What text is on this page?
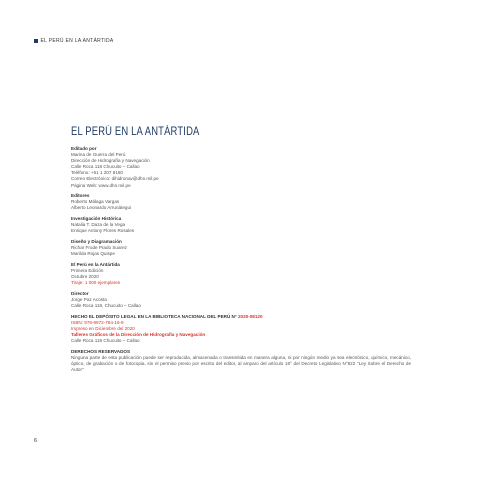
EL PERÚ EN LA ANTÁRTIDA
EL PERÚ EN LA ANTÁRTIDA
Editado por
Marina de Guerra del Perú
Dirección de Hidrografía y Navegación
Calle Roca 118 Chucuito – Callao
Teléfono: +51 1 207 8160
Correo Electrónico: dihidronav@dhn.mil.pe
Página Web: www.dhn.mil.pe
Editores
Roberto Málaga Vargas
Alberto Leonardo Arrunátegui
Investigación Histórica
Natalia T. Daza de la Vega
Enrique Antony Flores Rosales
Diseño y Diagramación
Richar Frode Prado Suarez
Marilda Rojas Quispe
El Perú en la Antártida
Primera Edición
Octubre 2020
Tiraje: 1 000 ejemplares
Director
Jorge Paz Acosta
Calle Roca 118, Chucuito – Callao
HECHO EL DEPÓSITO LEGAL EN LA BIBLIOTECA NACIONAL DEL PERÚ N° 2020-08120
ISBN: 978-9972-784-16-9
Impreso en Diciembre del 2020
Talleres Gráficos de la Dirección de Hidrografía y Navegación
Calle Roca 118 Chucuito – Callao
DERECHOS RESERVADOS
Ninguna parte de esta publicación puede ser reproducida, almacenada o transmitida en manera alguna, ni por ningún medio ya sea electrónico, químico, mecánico, óptico, de grabación o de fotocopia, sin el permiso previo por escrito del editor, al amparo del artículo 18° del Decreto Legislativo N°822 "Ley Sobre el Derecho de Autor"
6
